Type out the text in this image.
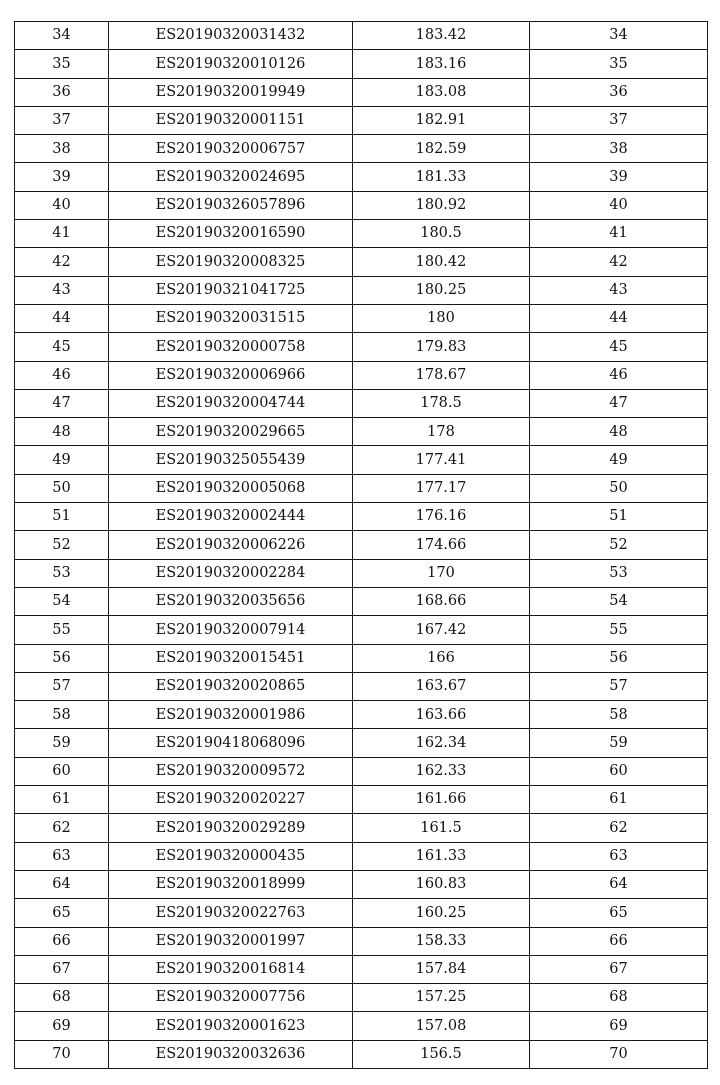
34	ES20190320031432	183.42	34
35	ES20190320010126	183.16	35
36	ES20190320019949	183.08	36
37	ES20190320001151	182.91	37
38	ES20190320006757	182.59	38
39	ES20190320024695	181.33	39
40	ES20190326057896	180.92	40
41	ES20190320016590	180.5	41
42	ES20190320008325	180.42	42
43	ES20190321041725	180.25	43
44	ES20190320031515	180	44
45	ES20190320000758	179.83	45
46	ES20190320006966	178.67	46
47	ES20190320004744	178.5	47
48	ES20190320029665	178	48
49	ES20190325055439	177.41	49
50	ES20190320005068	177.17	50
51	ES20190320002444	176.16	51
52	ES20190320006226	174.66	52
53	ES20190320002284	170	53
54	ES20190320035656	168.66	54
55	ES20190320007914	167.42	55
56	ES20190320015451	166	56
57	ES20190320020865	163.67	57
58	ES20190320001986	163.66	58
59	ES20190418068096	162.34	59
60	ES20190320009572	162.33	60
61	ES20190320020227	161.66	61
62	ES20190320029289	161.5	62
63	ES20190320000435	161.33	63
64	ES20190320018999	160.83	64
65	ES20190320022763	160.25	65
66	ES20190320001997	158.33	66
67	ES20190320016814	157.84	67
68	ES20190320007756	157.25	68
69	ES20190320001623	157.08	69
70	ES20190320032636	156.5	70
